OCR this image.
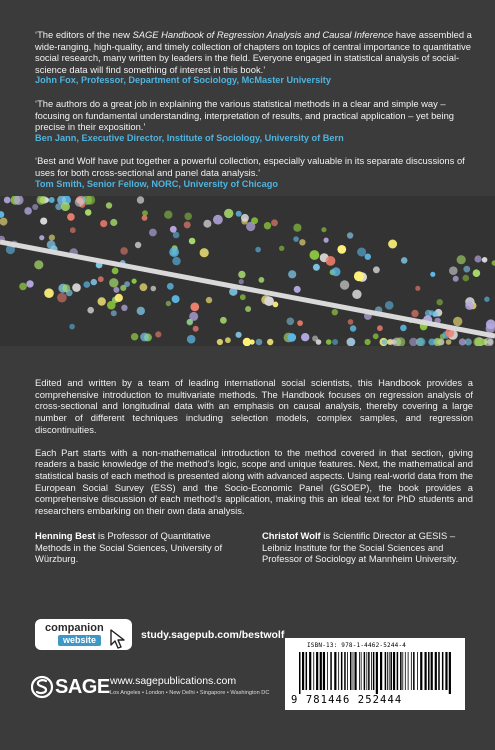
‘The editors of the new SAGE Handbook of Regression Analysis and Causal Inference have assembled a wide-ranging, high-quality, and timely collection of chapters on topics of central importance to quantitative social research, many written by leaders in the field. Everyone engaged in statistical analysis of social-science data will find something of interest in this book.’
John Fox, Professor, Department of Sociology, McMaster University

‘The authors do a great job in explaining the various statistical methods in a clear and simple way – focusing on fundamental understanding, interpretation of results, and practical application – yet being precise in their exposition.’
Ben Jann, Executive Director, Institute of Sociology, University of Bern

‘Best and Wolf have put together a powerful collection, especially valuable in its separate discussions of uses for both cross-sectional and panel data analysis.’
Tom Smith, Senior Fellow, NORC, University of Chicago

Edited and written by a team of leading international social scientists, this Handbook provides a comprehensive introduction to multivariate methods. The Handbook focuses on regression analysis of cross-sectional and longitudinal data with an emphasis on causal analysis, thereby covering a large number of different techniques including selection models, complex samples, and regression discontinuities.

Each Part starts with a non-mathematical introduction to the method covered in that section, giving readers a basic knowledge of the method’s logic, scope and unique features. Next, the mathematical and statistical basis of each method is presented along with advanced aspects. Using real-world data from the European Social Survey (ESS) and the Socio-Economic Panel (GSOEP), the book provides a comprehensive discussion of each method’s application, making this an ideal text for PhD students and researchers embarking on their own data analysis.

Henning Best is Professor of Quantitative Methods in the Social Sciences, University of Würzburg.
Christof Wolf is Scientific Director at GESIS – Leibniz Institute for the Social Sciences and Professor of Sociology at Mannheim University.
companion
website	study.sagepub.com/bestwolf
ISBN-13: 978-1-4462-5244-4
9 781446 252444
SAGE www.sagepublications.com
Los Angeles • London • New Delhi • Singapore • Washington DC
